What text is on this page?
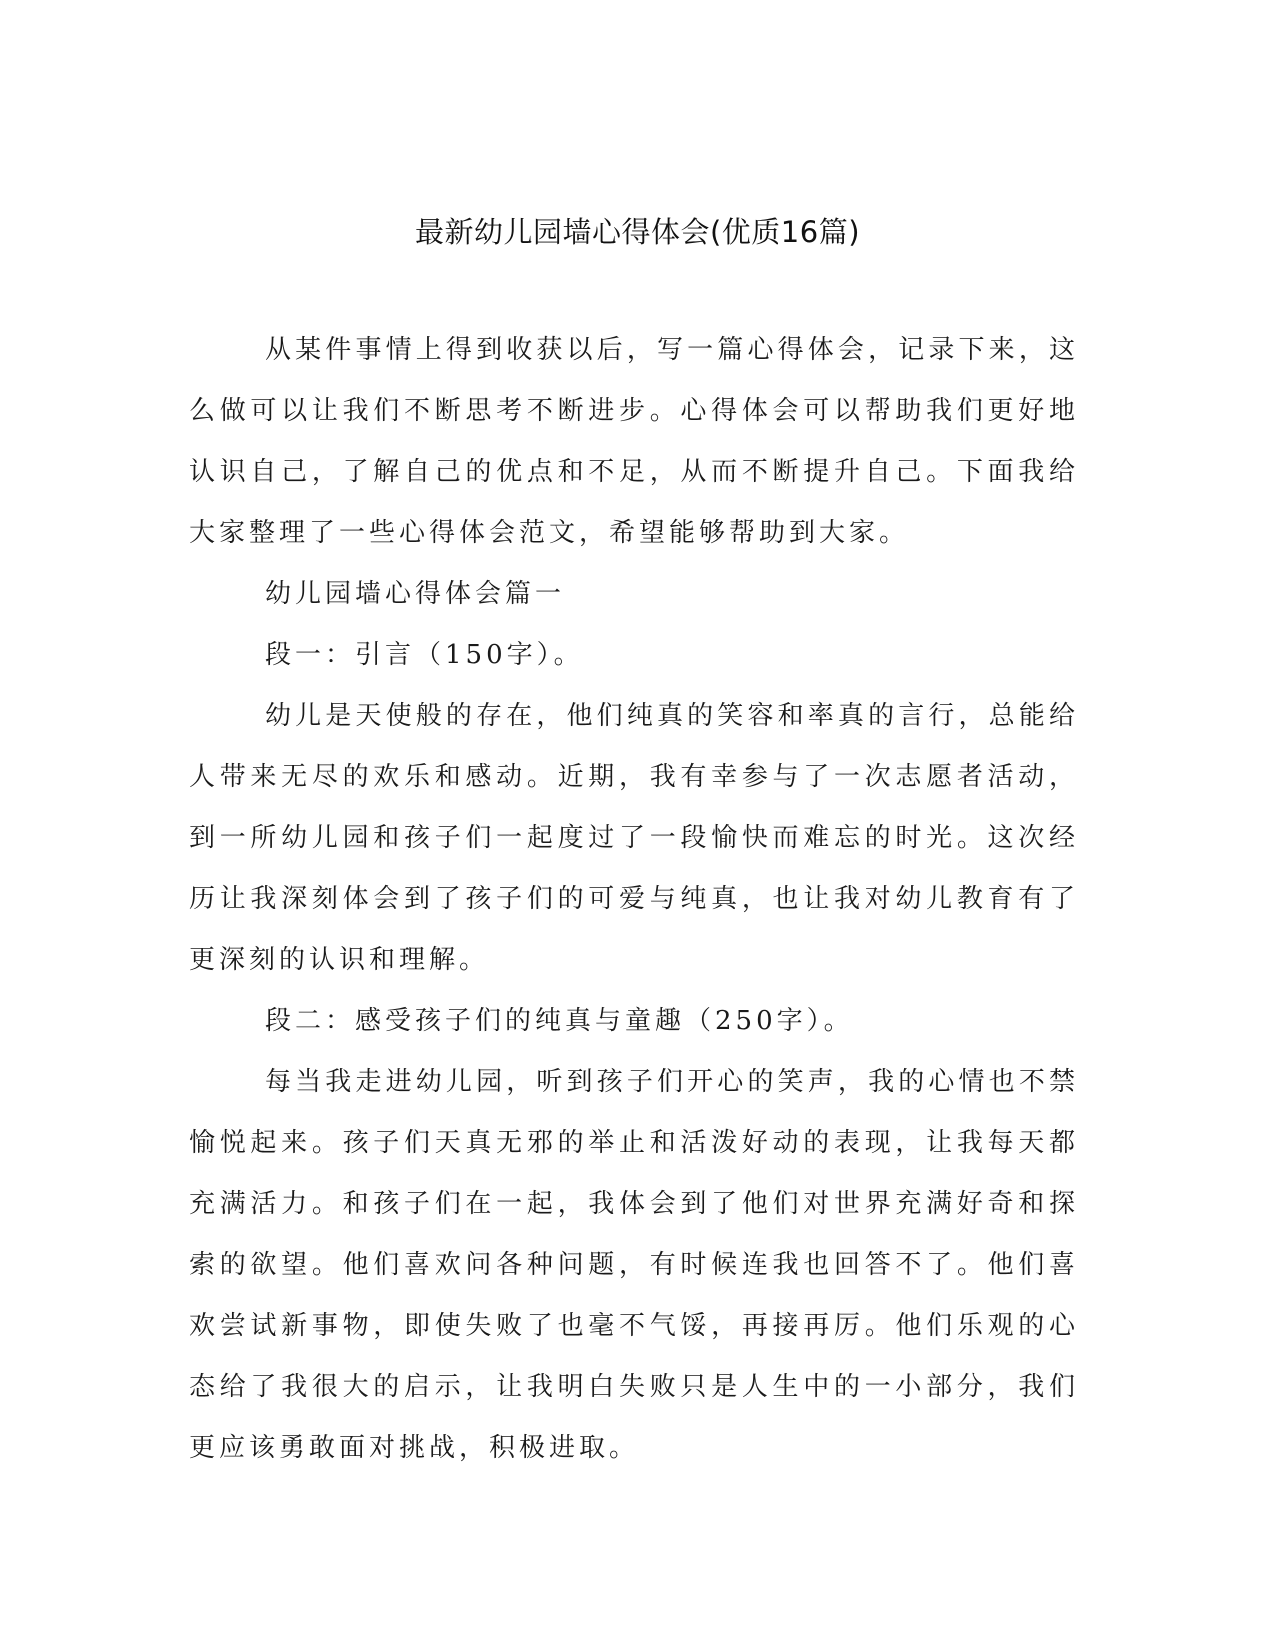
最新幼儿园墙心得体会(优质16篇)

从某件事情上得到收获以后，写一篇心得体会，记录下来，这么做可以让我们不断思考不断进步。心得体会可以帮助我们更好地认识自己，了解自己的优点和不足，从而不断提升自己。下面我给大家整理了一些心得体会范文，希望能够帮助到大家。

幼儿园墙心得体会篇一

段一：引言（150字）。

幼儿是天使般的存在，他们纯真的笑容和率真的言行，总能给人带来无尽的欢乐和感动。近期，我有幸参与了一次志愿者活动，到一所幼儿园和孩子们一起度过了一段愉快而难忘的时光。这次经历让我深刻体会到了孩子们的可爱与纯真，也让我对幼儿教育有了更深刻的认识和理解。

段二：感受孩子们的纯真与童趣（250字）。

每当我走进幼儿园，听到孩子们开心的笑声，我的心情也不禁愉悦起来。孩子们天真无邪的举止和活泼好动的表现，让我每天都充满活力。和孩子们在一起，我体会到了他们对世界充满好奇和探索的欲望。他们喜欢问各种问题，有时候连我也回答不了。他们喜欢尝试新事物，即使失败了也毫不气馁，再接再厉。他们乐观的心态给了我很大的启示，让我明白失败只是人生中的一小部分，我们更应该勇敢面对挑战，积极进取。
